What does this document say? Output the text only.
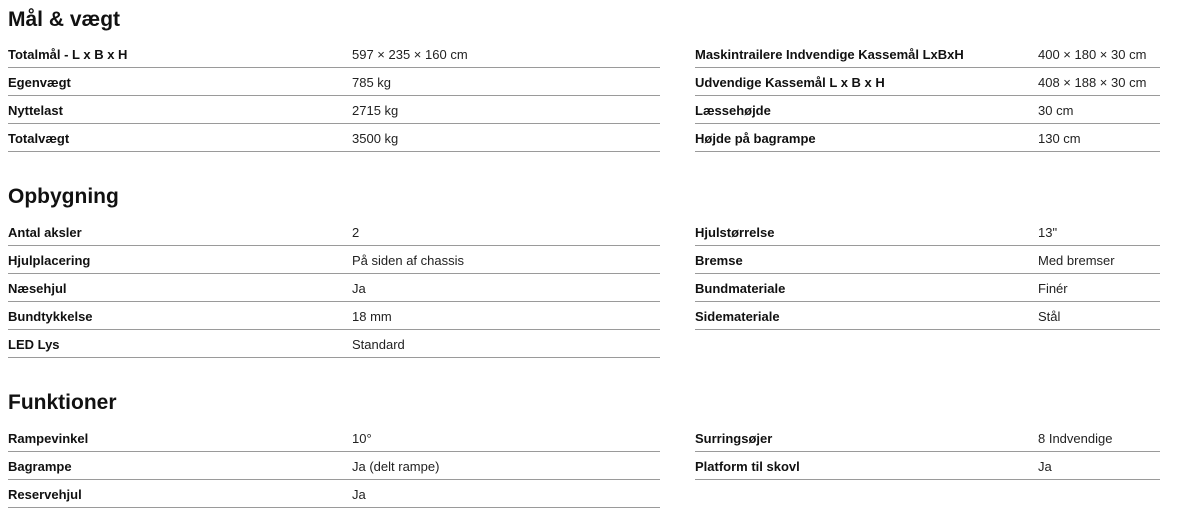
Mål & vægt
Totalmål - L x B x H	597 × 235 × 160 cm
Egenvægt	785 kg
Nyttelast	2715 kg
Totalvægt	3500 kg
Maskintrailere Indvendige Kassemål LxBxH	400 × 180 × 30 cm
Udvendige Kassemål L x B x H	408 × 188 × 30 cm
Læssehøjde	30 cm
Højde på bagrampe	130 cm
Opbygning
Antal aksler	2
Hjulplacering	På siden af chassis
Næsehjul	Ja
Bundtykkelse	18 mm
LED Lys	Standard
Hjulstørrelse	13"
Bremse	Med bremser
Bundmateriale	Finér
Sidemateriale	Stål
Funktioner
Rampevinkel	10°
Bagrampe	Ja (delt rampe)
Reservehjul	Ja
Surringsøjer	8 Indvendige
Platform til skovl	Ja
